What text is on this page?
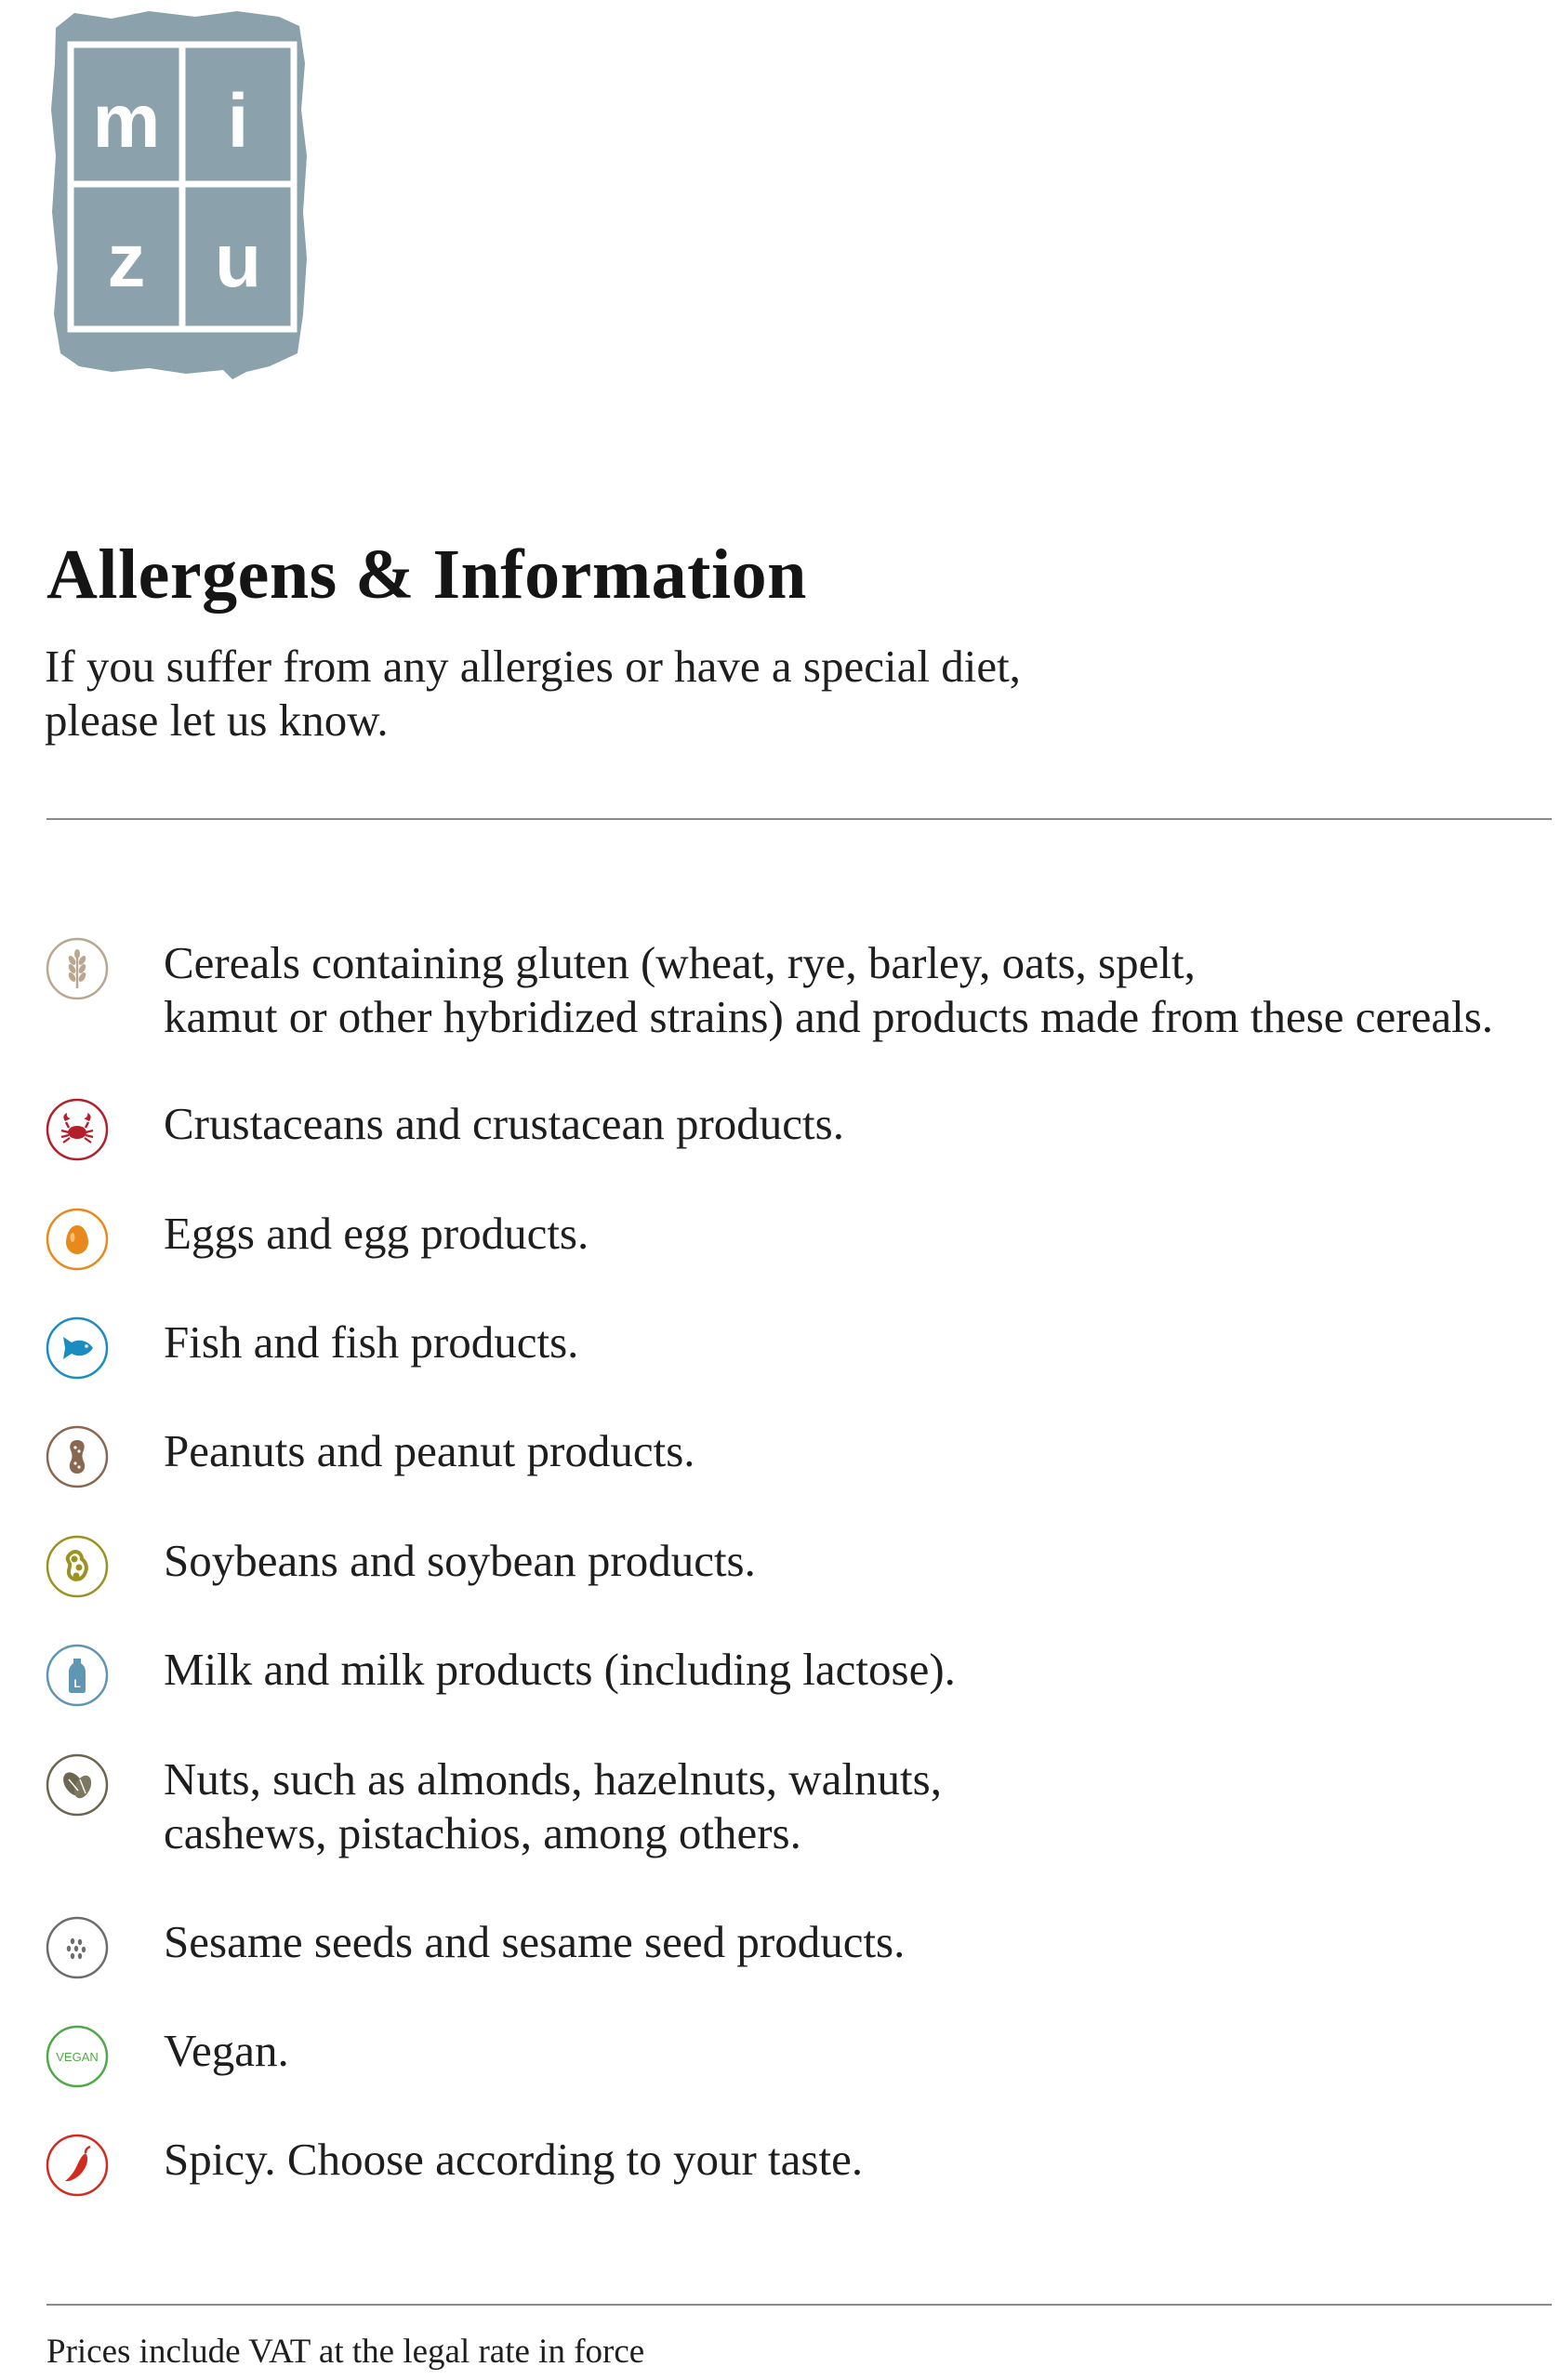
m i
z u
Allergens & Information
If you suffer from any allergies or have a special diet,
please let us know.
Cereals containing gluten (wheat, rye, barley, oats, spelt,
kamut or other hybridized strains) and products made from these cereals.
Crustaceans and crustacean products.
Eggs and egg products.
Fish and fish products.
Peanuts and peanut products.
Soybeans and soybean products.
L Milk and milk products (including lactose).
Nuts, such as almonds, hazelnuts, walnuts,
cashews, pistachios, among others.
Sesame seeds and sesame seed products.
VEGAN Vegan.
Spicy. Choose according to your taste.
Prices include VAT at the legal rate in force
